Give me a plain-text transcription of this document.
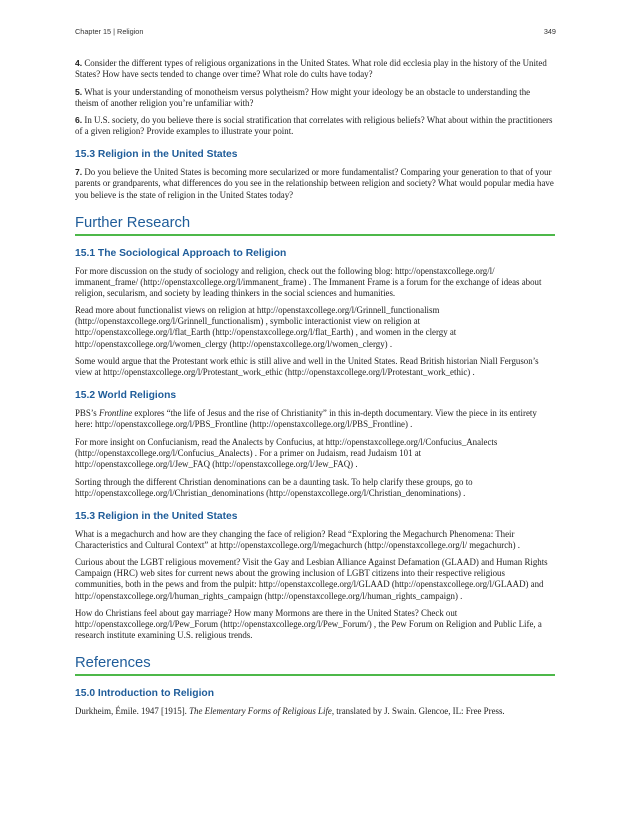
Chapter 15 | Religion	349

4. Consider the different types of religious organizations in the United States. What role did ecclesia play in the history of the United States? How have sects tended to change over time? What role do cults have today?

5. What is your understanding of monotheism versus polytheism? How might your ideology be an obstacle to understanding the theism of another religion you’re unfamiliar with?

6. In U.S. society, do you believe there is social stratification that correlates with religious beliefs? What about within the practitioners of a given religion? Provide examples to illustrate your point.

15.3 Religion in the United States

7. Do you believe the United States is becoming more secularized or more fundamentalist? Comparing your generation to that of your parents or grandparents, what differences do you see in the relationship between religion and society? What would popular media have you believe is the state of religion in the United States today?

Further Research
15.1 The Sociological Approach to Religion

For more discussion on the study of sociology and religion, check out the following blog: http://openstaxcollege.org/l/ immanent_frame/ (http://openstaxcollege.org/l/immanent_frame) . The Immanent Frame is a forum for the exchange of ideas about religion, secularism, and society by leading thinkers in the social sciences and humanities.

Read more about functionalist views on religion at http://openstaxcollege.org/l/Grinnell_functionalism (http://openstaxcollege.org/l/Grinnell_functionalism) , symbolic interactionist view on religion at http://openstaxcollege.org/l/flat_Earth (http://openstaxcollege.org/l/flat_Earth) , and women in the clergy at http://openstaxcollege.org/l/women_clergy (http://openstaxcollege.org/l/women_clergy) .

Some would argue that the Protestant work ethic is still alive and well in the United States. Read British historian Niall Ferguson’s view at http://openstaxcollege.org/l/Protestant_work_ethic (http://openstaxcollege.org/l/Protestant_work_ethic) .

15.2 World Religions

PBS’s Frontline explores “the life of Jesus and the rise of Christianity” in this in-depth documentary. View the piece in its entirety here: http://openstaxcollege.org/l/PBS_Frontline (http://openstaxcollege.org/l/PBS_Frontline) .

For more insight on Confucianism, read the Analects by Confucius, at http://openstaxcollege.org/l/Confucius_Analects (http://openstaxcollege.org/l/Confucius_Analects) . For a primer on Judaism, read Judaism 101 at http://openstaxcollege.org/l/Jew_FAQ (http://openstaxcollege.org/l/Jew_FAQ) .

Sorting through the different Christian denominations can be a daunting task. To help clarify these groups, go to http://openstaxcollege.org/l/Christian_denominations (http://openstaxcollege.org/l/Christian_denominations) .

15.3 Religion in the United States

What is a megachurch and how are they changing the face of religion? Read “Exploring the Megachurch Phenomena: Their Characteristics and Cultural Context” at http://openstaxcollege.org/l/megachurch (http://openstaxcollege.org/l/ megachurch) .

Curious about the LGBT religious movement? Visit the Gay and Lesbian Alliance Against Defamation (GLAAD) and Human Rights Campaign (HRC) web sites for current news about the growing inclusion of LGBT citizens into their respective religious communities, both in the pews and from the pulpit: http://openstaxcollege.org/l/GLAAD (http://openstaxcollege.org/l/GLAAD) and http://openstaxcollege.org/l/human_rights_campaign (http://openstaxcollege.org/l/human_rights_campaign) .

How do Christians feel about gay marriage? How many Mormons are there in the United States? Check out http://openstaxcollege.org/l/Pew_Forum (http://openstaxcollege.org/l/Pew_Forum/) , the Pew Forum on Religion and Public Life, a research institute examining U.S. religious trends.

References
15.0 Introduction to Religion

Durkheim, Émile. 1947 [1915]. The Elementary Forms of Religious Life, translated by J. Swain. Glencoe, IL: Free Press.
